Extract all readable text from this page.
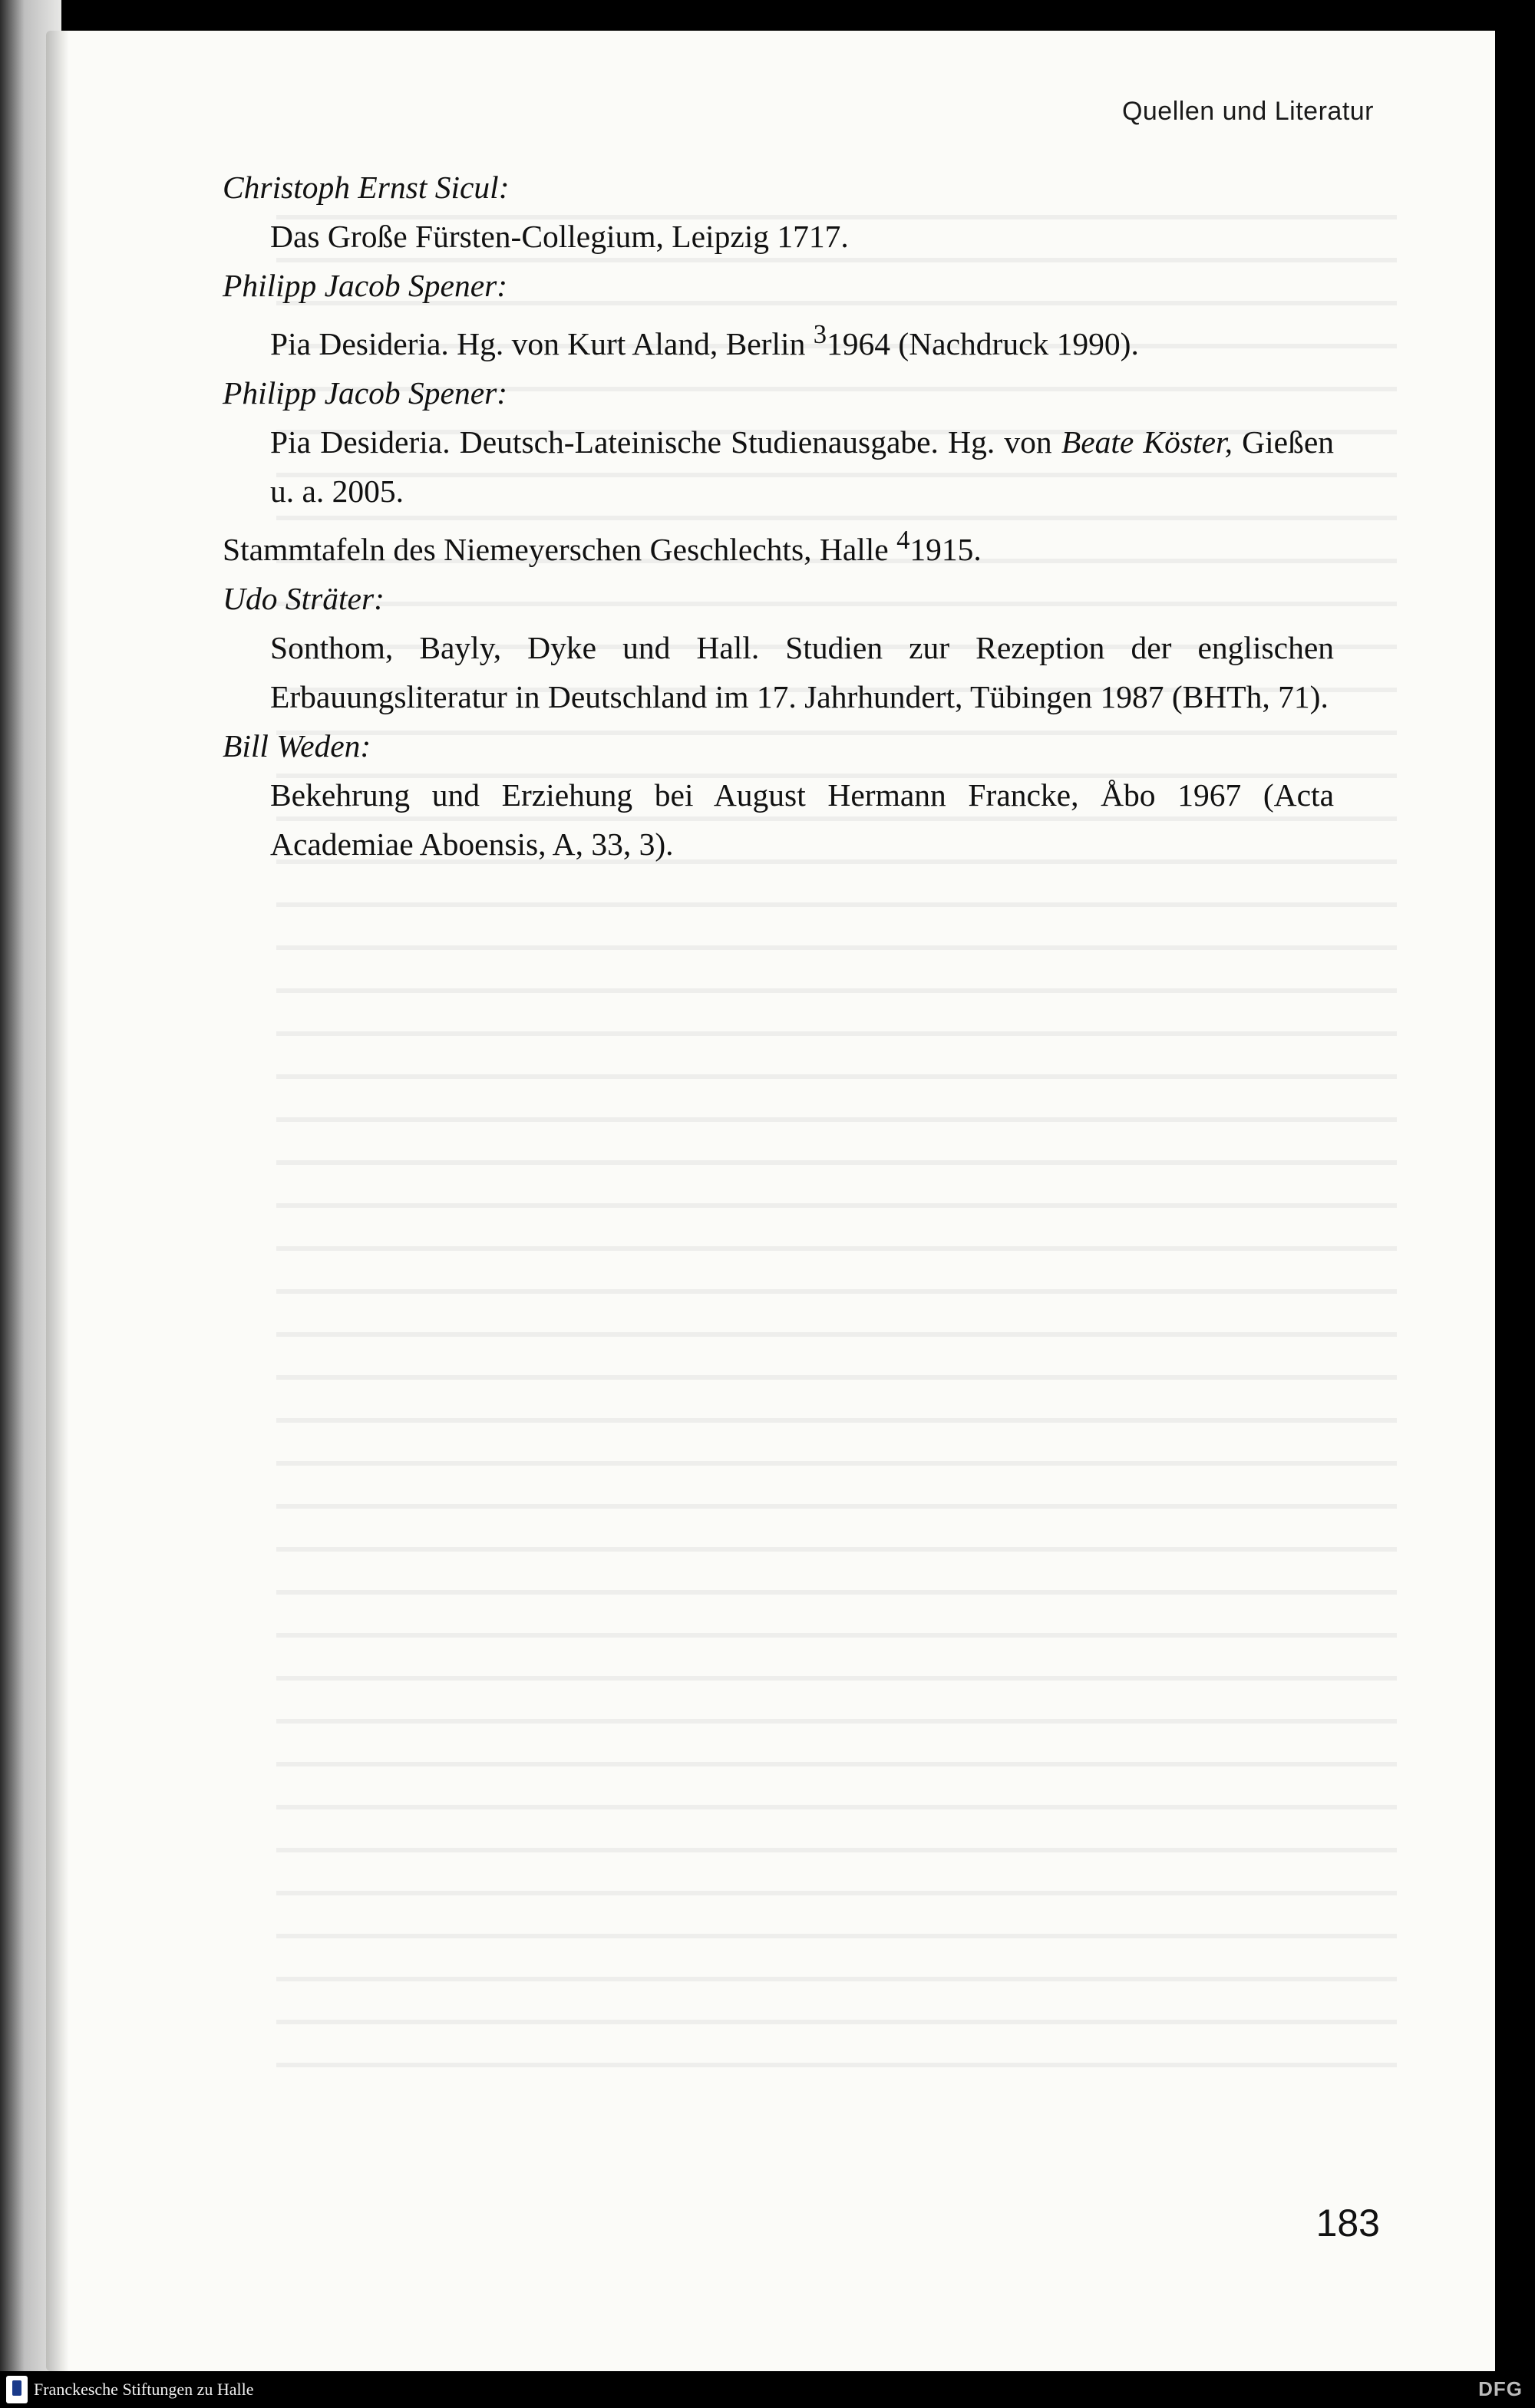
Quellen und Literatur
Christoph Ernst Sicul:
Das Große Fürsten-Collegium, Leipzig 1717.
Philipp Jacob Spener:
Pia Desideria. Hg. von Kurt Aland, Berlin $^3$1964 (Nachdruck 1990).
Philipp Jacob Spener:
Pia Desideria. Deutsch-Lateinische Studienausgabe. Hg. von Beate Köster, Gießen u. a. 2005.
Stammtafeln des Niemeyerschen Geschlechts, Halle $^4$1915.
Udo Sträter:
Sonthom, Bayly, Dyke und Hall. Studien zur Rezeption der englischen Erbauungsliteratur in Deutschland im 17. Jahrhundert, Tübingen 1987 (BHTh, 71).
Bill Weden:
Bekehrung und Erziehung bei August Hermann Francke, Åbo 1967 (Acta Academiae Aboensis, A, 33, 3).
183
Franckesche Stiftungen zu Halle	DFG
